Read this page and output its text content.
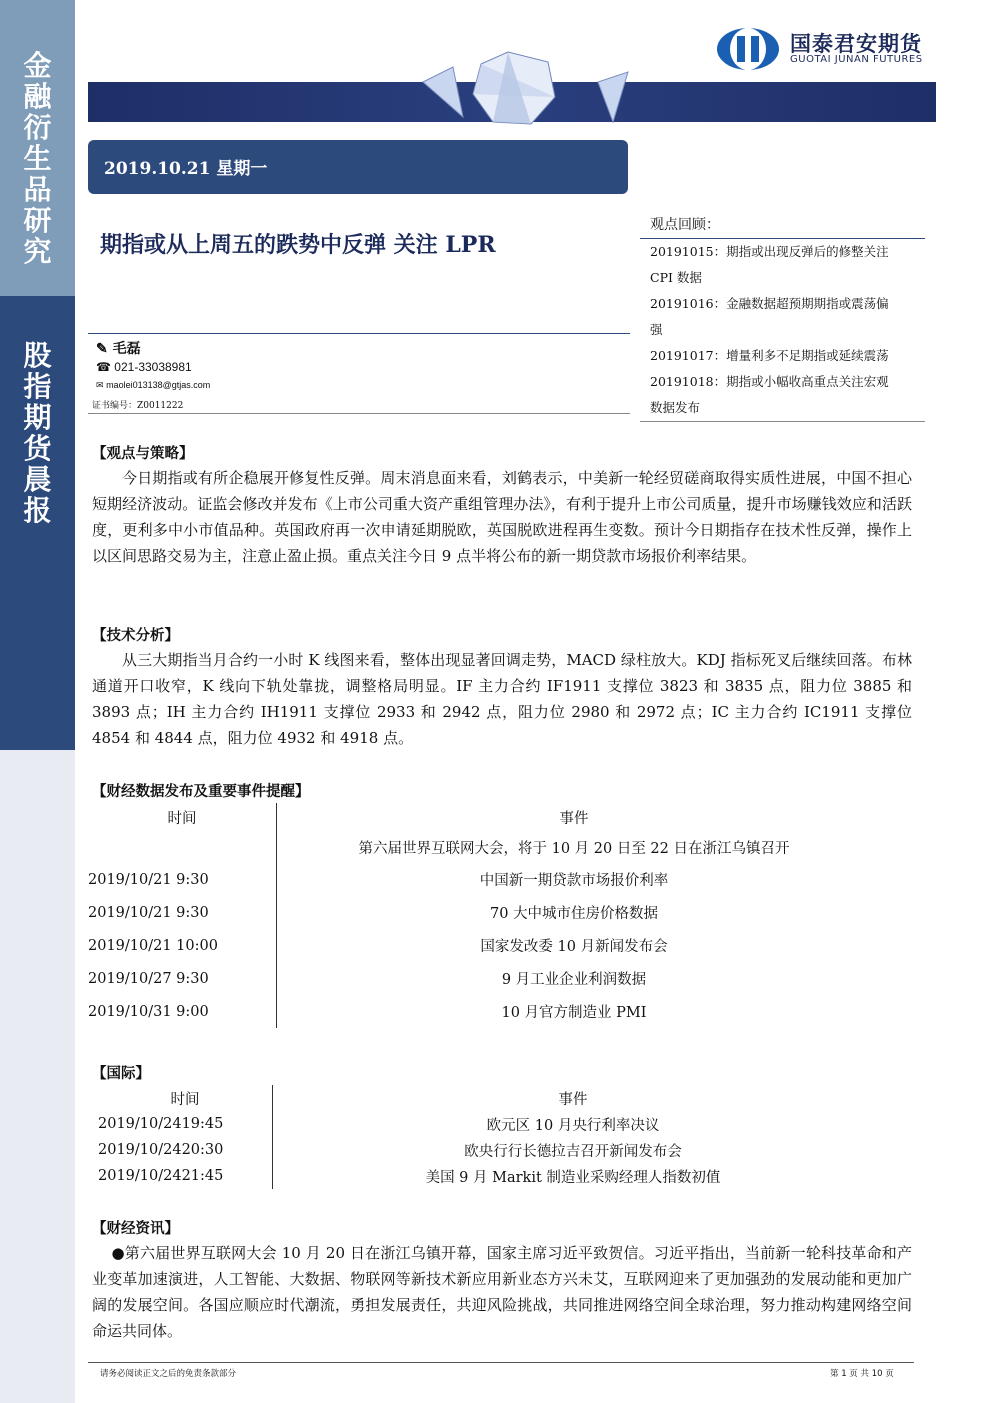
金
融
衍
生
品
研
究
股
指
期
货
晨
报
国泰君安期货
GUOTAI JUNAN FUTURES
2019.10.21 星期一
期指或从上周五的跌势中反弹 关注 LPR
✎ 毛磊
☎ 021-33038981
✉ maolei013138@gtjas.com
证书编号：Z0011222
观点回顾：
20191015：期指或出现反弹后的修整关注
CPI 数据
20191016：金融数据超预期期指或震荡偏
强
20191017：增量利多不足期指或延续震荡
20191018：期指或小幅收高重点关注宏观
数据发布
【观点与策略】
今日期指或有所企稳展开修复性反弹。周末消息面来看，刘鹤表示，中美新一轮经贸磋商取得实质性进展，中国不担心短期经济波动。证监会修改并发布《上市公司重大资产重组管理办法》，有利于提升上市公司质量，提升市场赚钱效应和活跃度，更利多中小市值品种。英国政府再一次申请延期脱欧，英国脱欧进程再生变数。预计今日期指存在技术性反弹，操作上以区间思路交易为主，注意止盈止损。重点关注今日 9 点半将公布的新一期贷款市场报价利率结果。
【技术分析】
从三大期指当月合约一小时 K 线图来看，整体出现显著回调走势，MACD 绿柱放大。KDJ 指标死叉后继续回落。布林通道开口收窄，K 线向下轨处靠拢，调整格局明显。IF 主力合约 IF1911 支撑位 3823 和 3835 点，阻力位 3885 和 3893 点；IH 主力合约 IH1911 支撑位 2933 和 2942 点，阻力位 2980 和 2972 点；IC 主力合约 IC1911 支撑位 4854 和 4844 点，阻力位 4932 和 4918 点。
【财经数据发布及重要事件提醒】
时间	事件
	第六届世界互联网大会，将于 10 月 20 日至 22 日在浙江乌镇召开
2019/10/21 9:30	中国新一期贷款市场报价利率
2019/10/21 9:30	70 大中城市住房价格数据
2019/10/21 10:00	国家发改委 10 月新闻发布会
2019/10/27 9:30	9 月工业企业利润数据
2019/10/31 9:00	10 月官方制造业 PMI
【国际】
时间	事件
2019/10/2419:45	欧元区 10 月央行利率决议
2019/10/2420:30	欧央行行长德拉吉召开新闻发布会
2019/10/2421:45	美国 9 月 Markit 制造业采购经理人指数初值
【财经资讯】
●第六届世界互联网大会 10 月 20 日在浙江乌镇开幕，国家主席习近平致贺信。习近平指出，当前新一轮科技革命和产业变革加速演进，人工智能、大数据、物联网等新技术新应用新业态方兴未艾，互联网迎来了更加强劲的发展动能和更加广阔的发展空间。各国应顺应时代潮流，勇担发展责任，共迎风险挑战，共同推进网络空间全球治理，努力推动构建网络空间命运共同体。
请务必阅读正文之后的免责条款部分	第 1 页 共 10 页
